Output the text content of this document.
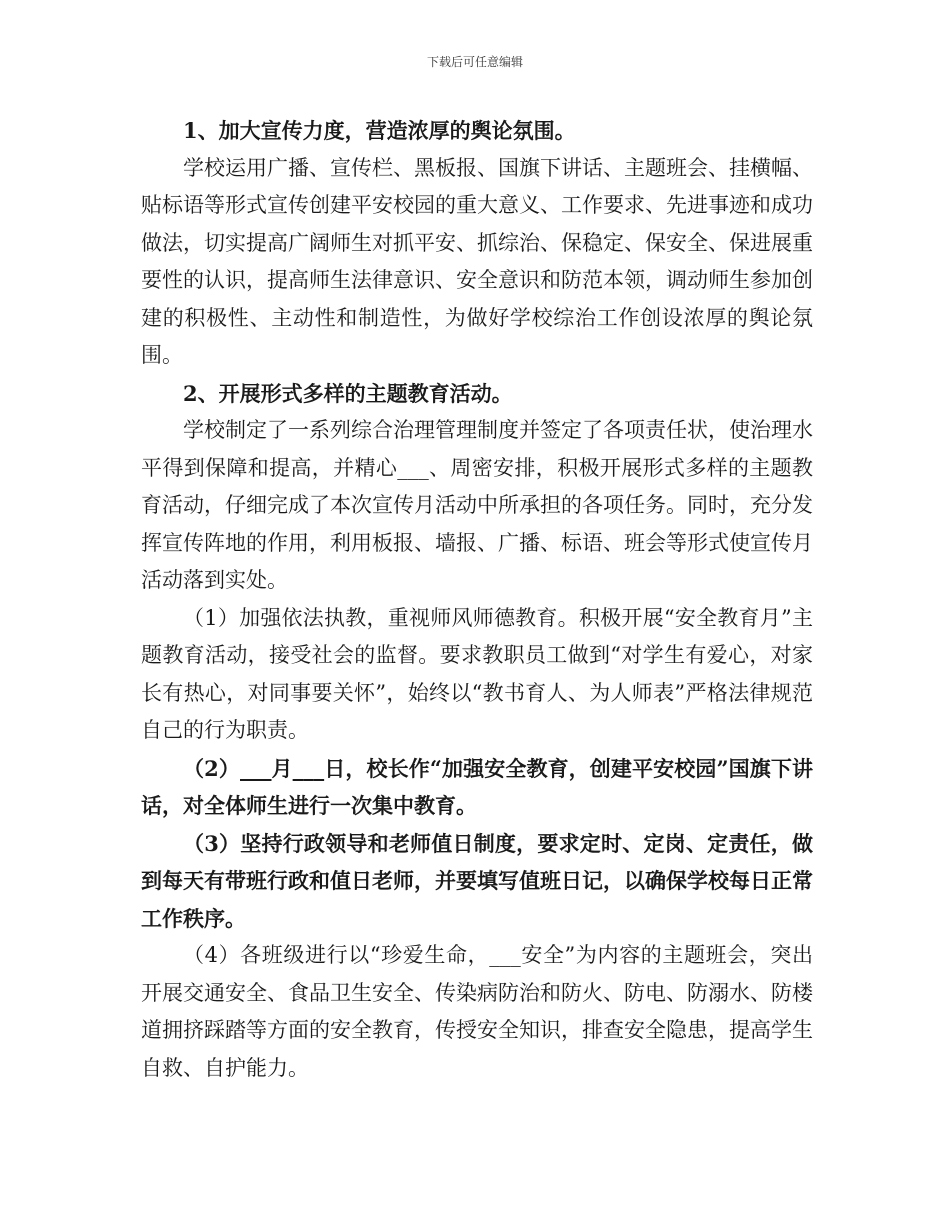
下载后可任意编辑

1、加大宣传力度，营造浓厚的舆论氛围。

学校运用广播、宣传栏、黑板报、国旗下讲话、主题班会、挂横幅、贴标语等形式宣传创建平安校园的重大意义、工作要求、先进事迹和成功做法，切实提高广阔师生对抓平安、抓综治、保稳定、保安全、保进展重要性的认识，提高师生法律意识、安全意识和防范本领，调动师生参加创建的积极性、主动性和制造性，为做好学校综治工作创设浓厚的舆论氛围。

2、开展形式多样的主题教育活动。

学校制定了一系列综合治理管理制度并签定了各项责任状，使治理水平得到保障和提高，并精心___、周密安排，积极开展形式多样的主题教育活动，仔细完成了本次宣传月活动中所承担的各项任务。同时，充分发挥宣传阵地的作用，利用板报、墙报、广播、标语、班会等形式使宣传月活动落到实处。

（1）加强依法执教，重视师风师德教育。积极开展“安全教育月”主题教育活动，接受社会的监督。要求教职员工做到“对学生有爱心，对家长有热心，对同事要关怀”，始终以“教书育人、为人师表”严格法律规范自己的行为职责。

（2）___月___日，校长作“加强安全教育，创建平安校园”国旗下讲话，对全体师生进行一次集中教育。

（3）坚持行政领导和老师值日制度，要求定时、定岗、定责任，做到每天有带班行政和值日老师，并要填写值班日记，以确保学校每日正常工作秩序。

（4）各班级进行以“珍爱生命，___安全”为内容的主题班会，突出开展交通安全、食品卫生安全、传染病防治和防火、防电、防溺水、防楼道拥挤踩踏等方面的安全教育，传授安全知识，排查安全隐患，提高学生自救、自护能力。
